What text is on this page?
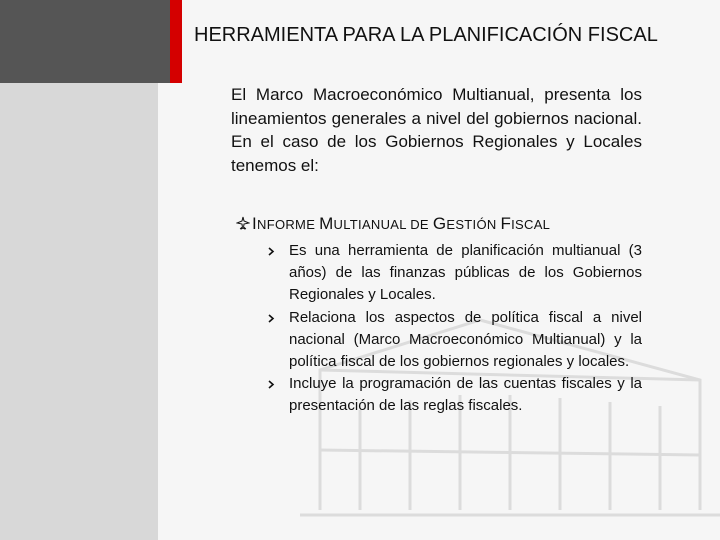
HERRAMIENTA PARA LA PLANIFICACIÓN FISCAL

El Marco Macroeconómico Multianual, presenta los lineamientos generales a nivel del gobiernos nacional. En el caso de los Gobiernos Regionales y Locales tenemos el:

INFORME MULTIANUAL DE GESTIÓN FISCAL
Es una herramienta de planificación multianual (3 años) de las finanzas públicas de los Gobiernos Regionales y Locales.
Relaciona los aspectos de política fiscal a nivel nacional (Marco Macroeconómico Multianual) y la política fiscal de los gobiernos regionales y locales.
Incluye la programación de las cuentas fiscales y la presentación de las reglas fiscales.
